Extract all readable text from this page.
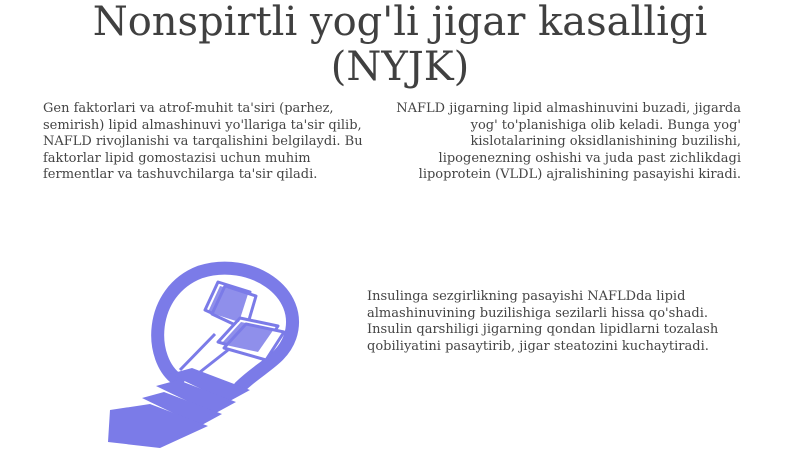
Nonspirtli yog'li jigar kasalligi
(NYJK)
Gen faktorlari va atrof-muhit ta'siri (parhez, semirish) lipid almashinuvi yo'llariga ta'sir qilib, NAFLD rivojlanishi va tarqalishini belgilaydi. Bu faktorlar lipid gomostazisi uchun muhim fermentlar va tashuvchilarga ta'sir qiladi.
NAFLD jigarning lipid almashinuvini buzadi, jigarda yog' to'planishiga olib keladi. Bunga yog' kislotalarining oksidlanishining buzilishi, lipogenezning oshishi va juda past zichlikdagi lipoprotein (VLDL) ajralishining pasayishi kiradi.
Insulinga sezgirlikning pasayishi NAFLDda lipid almashinuvining buzilishiga sezilarli hissa qo'shadi. Insulin qarshiligi jigarning qondan lipidlarni tozalash qobiliyatini pasaytirib, jigar steatozini kuchaytiradi.
